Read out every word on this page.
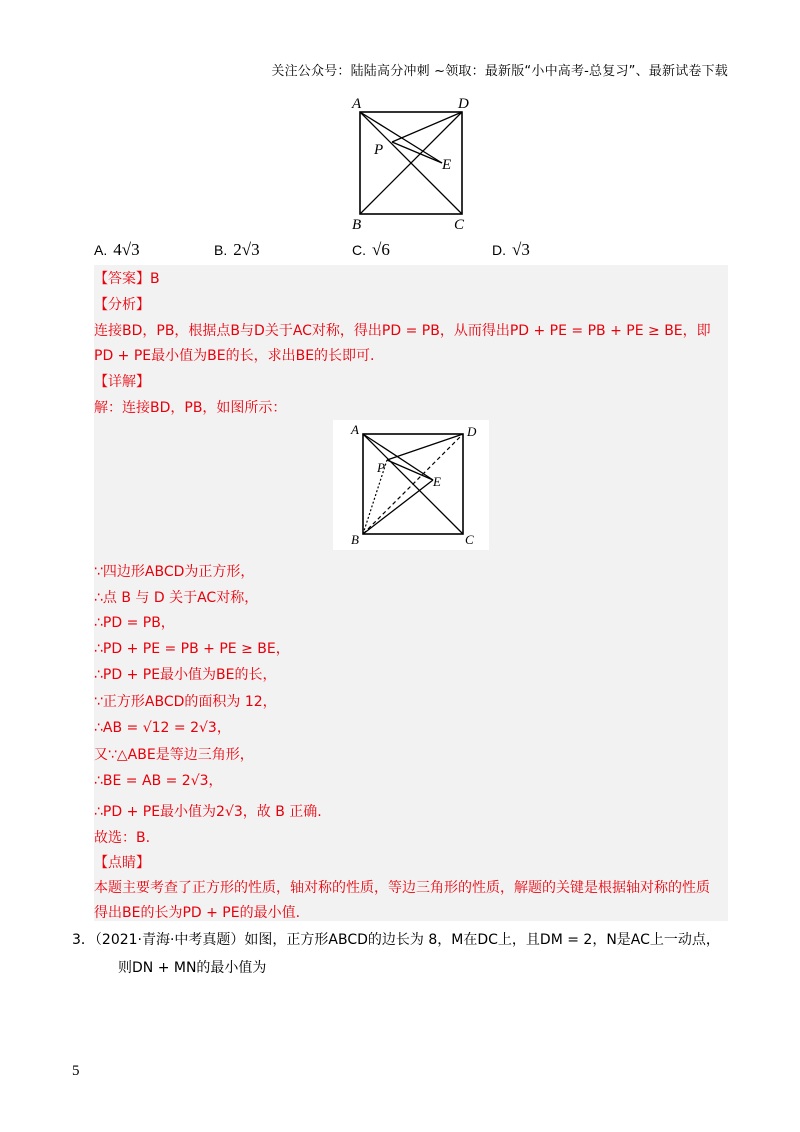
关注公众号：陆陆高分冲刺 ~领取：最新版“小中高考-总复习”、最新试卷下载
A	D
B	C
P
E
A. 4√3	B. 2√3	C. √6	D. √3
【答案】B
【分析】
连接BD，PB，根据点B与D关于AC对称，得出PD = PB，从而得出PD + PE = PB + PE ≥ BE，即
PD + PE最小值为BE的长，求出BE的长即可.
【详解】
解：连接BD，PB，如图所示：
A	D
B	C
P
E
∵四边形ABCD为正方形，
∴点 B 与 D 关于AC对称，
∴PD = PB，
∴PD + PE = PB + PE ≥ BE，
∴PD + PE最小值为BE的长，
∵正方形ABCD的面积为 12，
∴AB = √12 = 2√3，
又∵△ABE是等边三角形，
∴BE = AB = 2√3，
∴PD + PE最小值为2√3，故 B 正确.
故选：B.
【点睛】
本题主要考查了正方形的性质，轴对称的性质，等边三角形的性质，解题的关键是根据轴对称的性质
得出BE的长为PD + PE的最小值.
3．（2021·青海·中考真题）如图，正方形ABCD的边长为 8，M在DC上，且DM = 2，N是AC上一动点，
则DN + MN的最小值为
5
